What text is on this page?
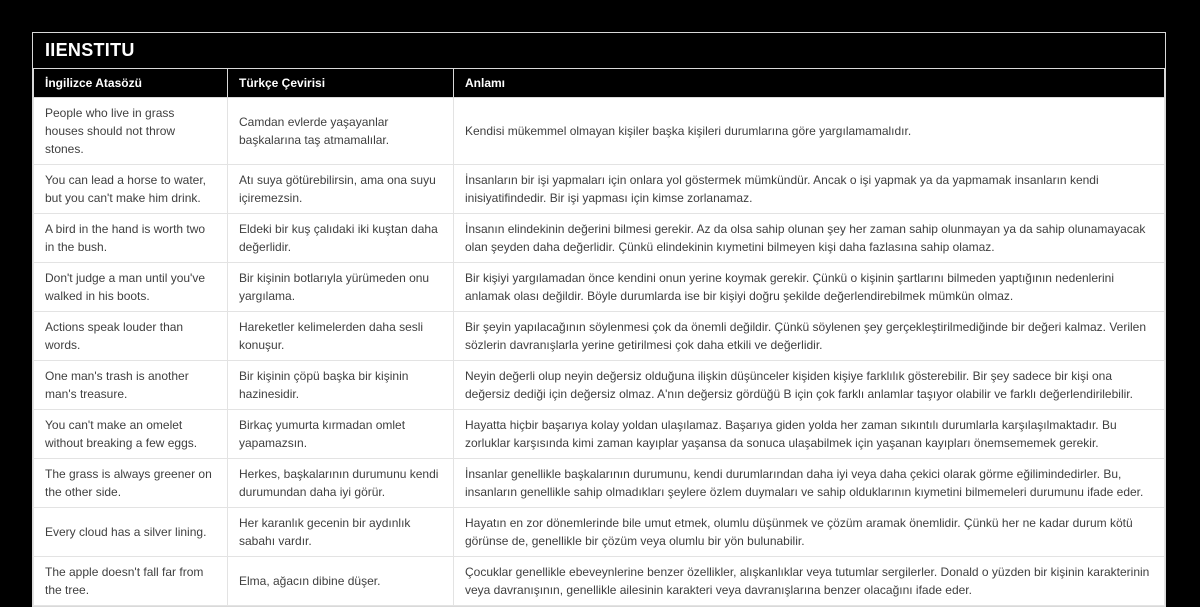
IIENSTITU
İngilizce Atasözü	Türkçe Çevirisi	Anlamı
People who live in grass houses should not throw stones.	Camdan evlerde yaşayanlar başkalarına taş atmamalılar.	Kendisi mükemmel olmayan kişiler başka kişileri durumlarına göre yargılamamalıdır.
You can lead a horse to water, but you can't make him drink.	Atı suya götürebilirsin, ama ona suyu içiremezsin.	İnsanların bir işi yapmaları için onlara yol göstermek mümkündür. Ancak o işi yapmak ya da yapmamak insanların kendi inisiyatifindedir. Bir işi yapması için kimse zorlanamaz.
A bird in the hand is worth two in the bush.	Eldeki bir kuş çalıdaki iki kuştan daha değerlidir.	İnsanın elindekinin değerini bilmesi gerekir. Az da olsa sahip olunan şey her zaman sahip olunmayan ya da sahip olunamayacak olan şeyden daha değerlidir. Çünkü elindekinin kıymetini bilmeyen kişi daha fazlasına sahip olamaz.
Don't judge a man until you've walked in his boots.	Bir kişinin botlarıyla yürümeden onu yargılama.	Bir kişiyi yargılamadan önce kendini onun yerine koymak gerekir. Çünkü o kişinin şartlarını bilmeden yaptığının nedenlerini anlamak olası değildir. Böyle durumlarda ise bir kişiyi doğru şekilde değerlendirebilmek mümkün olmaz.
Actions speak louder than words.	Hareketler kelimelerden daha sesli konuşur.	Bir şeyin yapılacağının söylenmesi çok da önemli değildir. Çünkü söylenen şey gerçekleştirilmediğinde bir değeri kalmaz. Verilen sözlerin davranışlarla yerine getirilmesi çok daha etkili ve değerlidir.
One man's trash is another man's treasure.	Bir kişinin çöpü başka bir kişinin hazinesidir.	Neyin değerli olup neyin değersiz olduğuna ilişkin düşünceler kişiden kişiye farklılık gösterebilir. Bir şey sadece bir kişi ona değersiz dediği için değersiz olmaz. A'nın değersiz gördüğü B için çok farklı anlamlar taşıyor olabilir ve farklı değerlendirilebilir.
You can't make an omelet without breaking a few eggs.	Birkaç yumurta kırmadan omlet yapamazsın.	Hayatta hiçbir başarıya kolay yoldan ulaşılamaz. Başarıya giden yolda her zaman sıkıntılı durumlarla karşılaşılmaktadır. Bu zorluklar karşısında kimi zaman kayıplar yaşansa da sonuca ulaşabilmek için yaşanan kayıpları önemsememek gerekir.
The grass is always greener on the other side.	Herkes, başkalarının durumunu kendi durumundan daha iyi görür.	İnsanlar genellikle başkalarının durumunu, kendi durumlarından daha iyi veya daha çekici olarak görme eğilimindedirler. Bu, insanların genellikle sahip olmadıkları şeylere özlem duymaları ve sahip olduklarının kıymetini bilmemeleri durumunu ifade eder.
Every cloud has a silver lining.	Her karanlık gecenin bir aydınlık sabahı vardır.	Hayatın en zor dönemlerinde bile umut etmek, olumlu düşünmek ve çözüm aramak önemlidir. Çünkü her ne kadar durum kötü görünse de, genellikle bir çözüm veya olumlu bir yön bulunabilir.
The apple doesn't fall far from the tree.	Elma, ağacın dibine düşer.	Çocuklar genellikle ebeveynlerine benzer özellikler, alışkanlıklar veya tutumlar sergilerler. Donald o yüzden bir kişinin karakterinin veya davranışının, genellikle ailesinin karakteri veya davranışlarına benzer olacağını ifade eder.
